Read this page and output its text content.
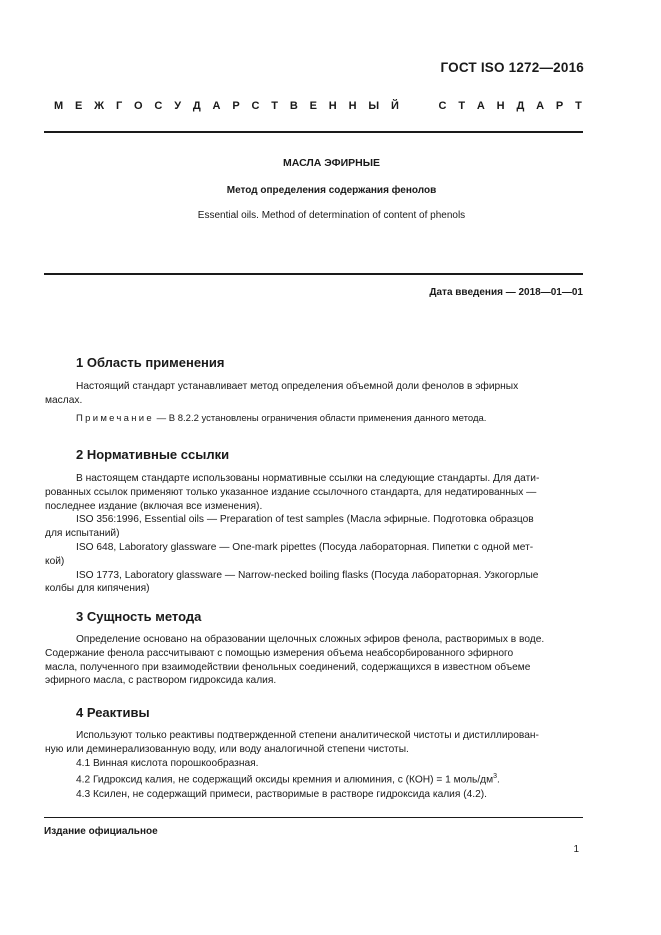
ГОСТ ISO 1272—2016
М Е Ж Г О С У Д А Р С Т В Е Н Н Ы Й	С Т А Н Д А Р Т
МАСЛА ЭФИРНЫЕ
Метод определения содержания фенолов
Essential oils. Method of determination of content of phenols
Дата введения — 2018—01—01
1 Область применения
Настоящий стандарт устанавливает метод определения объемной доли фенолов в эфирных
маслах.
Примечание — В 8.2.2 установлены ограничения области применения данного метода.
2 Нормативные ссылки
В настоящем стандарте использованы нормативные ссылки на следующие стандарты. Для дати-
рованных ссылок применяют только указанное издание ссылочного стандарта, для недатированных —
последнее издание (включая все изменения).
ISO 356:1996, Essential oils — Preparation of test samples (Масла эфирные. Подготовка образцов
для испытаний)
ISO 648, Laboratory glassware — One-mark pipettes (Посуда лабораторная. Пипетки с одной мет-
кой)
ISO 1773, Laboratory glassware — Narrow-necked boiling flasks (Посуда лабораторная. Узкогорлые
колбы для кипячения)
3 Сущность метода
Определение основано на образовании щелочных сложных эфиров фенола, растворимых в воде.
Содержание фенола рассчитывают с помощью измерения объема неабсорбированного эфирного
масла, полученного при взаимодействии фенольных соединений, содержащихся в известном объеме
эфирного масла, с раствором гидроксида калия.
4 Реактивы
Используют только реактивы подтвержденной степени аналитической чистоты и дистиллирован-
ную или деминерализованную воду, или воду аналогичной степени чистоты.
4.1 Винная кислота порошкообразная.
4.2 Гидроксид калия, не содержащий оксиды кремния и алюминия, c (КОН) = 1 моль/$дм^3$.
4.3 Ксилен, не содержащий примеси, растворимые в растворе гидроксида калия (4.2).
Издание официальное
1
